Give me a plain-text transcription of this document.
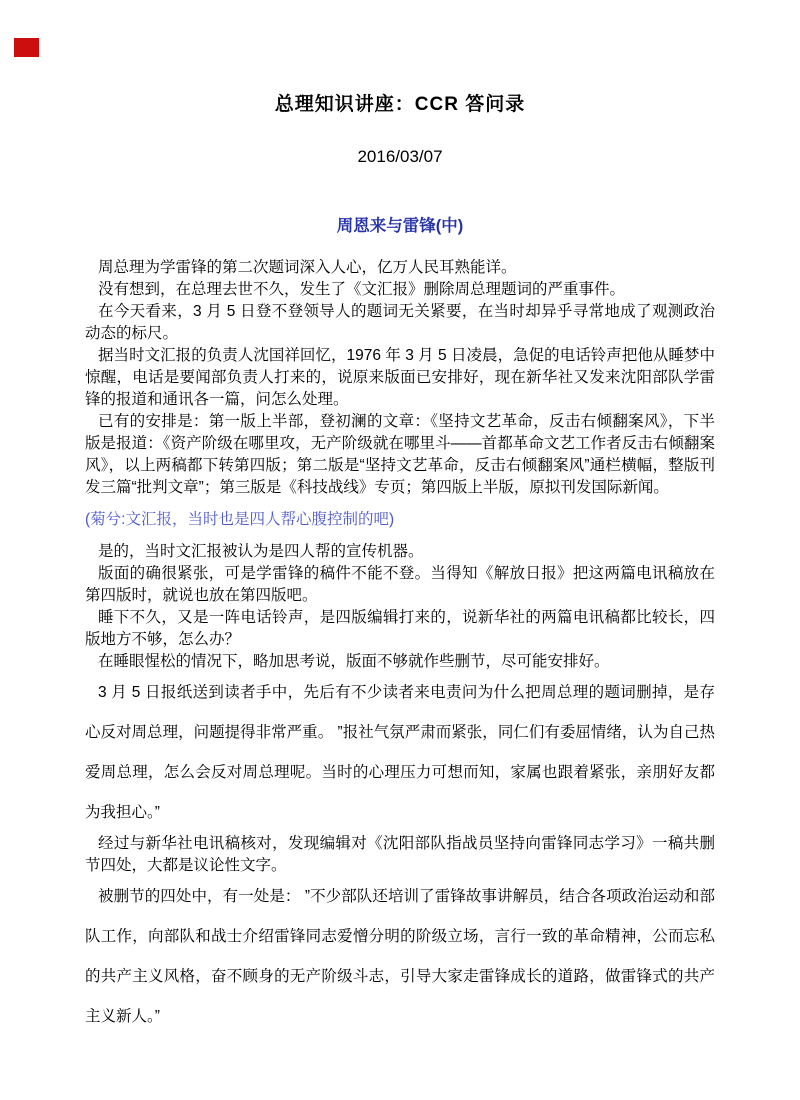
总理知识讲座：CCR 答问录
2016/03/07
周恩来与雷锋(中)

周总理为学雷锋的第二次题词深入人心，亿万人民耳熟能详。

没有想到，在总理去世不久，发生了《文汇报》删除周总理题词的严重事件。

在今天看来，3 月 5 日登不登领导人的题词无关紧要，在当时却异乎寻常地成了观测政治动态的标尺。

据当时文汇报的负责人沈国祥回忆，1976 年 3 月 5 日凌晨，急促的电话铃声把他从睡梦中惊醒，电话是要闻部负责人打来的，说原来版面已安排好，现在新华社又发来沈阳部队学雷锋的报道和通讯各一篇，问怎么处理。

已有的安排是：第一版上半部，登初澜的文章：《坚持文艺革命，反击右倾翻案风》，下半版是报道：《资产阶级在哪里攻，无产阶级就在哪里斗——首都革命文艺工作者反击右倾翻案风》，以上两稿都下转第四版；第二版是“坚持文艺革命，反击右倾翻案风”通栏横幅，整版刊发三篇“批判文章”；第三版是《科技战线》专页；第四版上半版，原拟刊发国际新闻。

(菊兮:文汇报，当时也是四人帮心腹控制的吧)

是的，当时文汇报被认为是四人帮的宣传机器。

版面的确很紧张，可是学雷锋的稿件不能不登。当得知《解放日报》把这两篇电讯稿放在第四版时，就说也放在第四版吧。

睡下不久，又是一阵电话铃声，是四版编辑打来的，说新华社的两篇电讯稿都比较长，四版地方不够，怎么办？

在睡眼惺松的情况下，略加思考说，版面不够就作些删节，尽可能安排好。

3 月 5 日报纸送到读者手中，先后有不少读者来电责问为什么把周总理的题词删掉，是存心反对周总理，问题提得非常严重。 ”报社气氛严肃而紧张，同仁们有委屈情绪，认为自己热爱周总理，怎么会反对周总理呢。当时的心理压力可想而知，家属也跟着紧张，亲朋好友都为我担心。”

经过与新华社电讯稿核对，发现编辑对《沈阳部队指战员坚持向雷锋同志学习》一稿共删节四处，大都是议论性文字。

被删节的四处中，有一处是： ”不少部队还培训了雷锋故事讲解员，结合各项政治运动和部队工作，向部队和战士介绍雷锋同志爱憎分明的阶级立场，言行一致的革命精神，公而忘私的共产主义风格，奋不顾身的无产阶级斗志，引导大家走雷锋成长的道路，做雷锋式的共产主义新人。”
